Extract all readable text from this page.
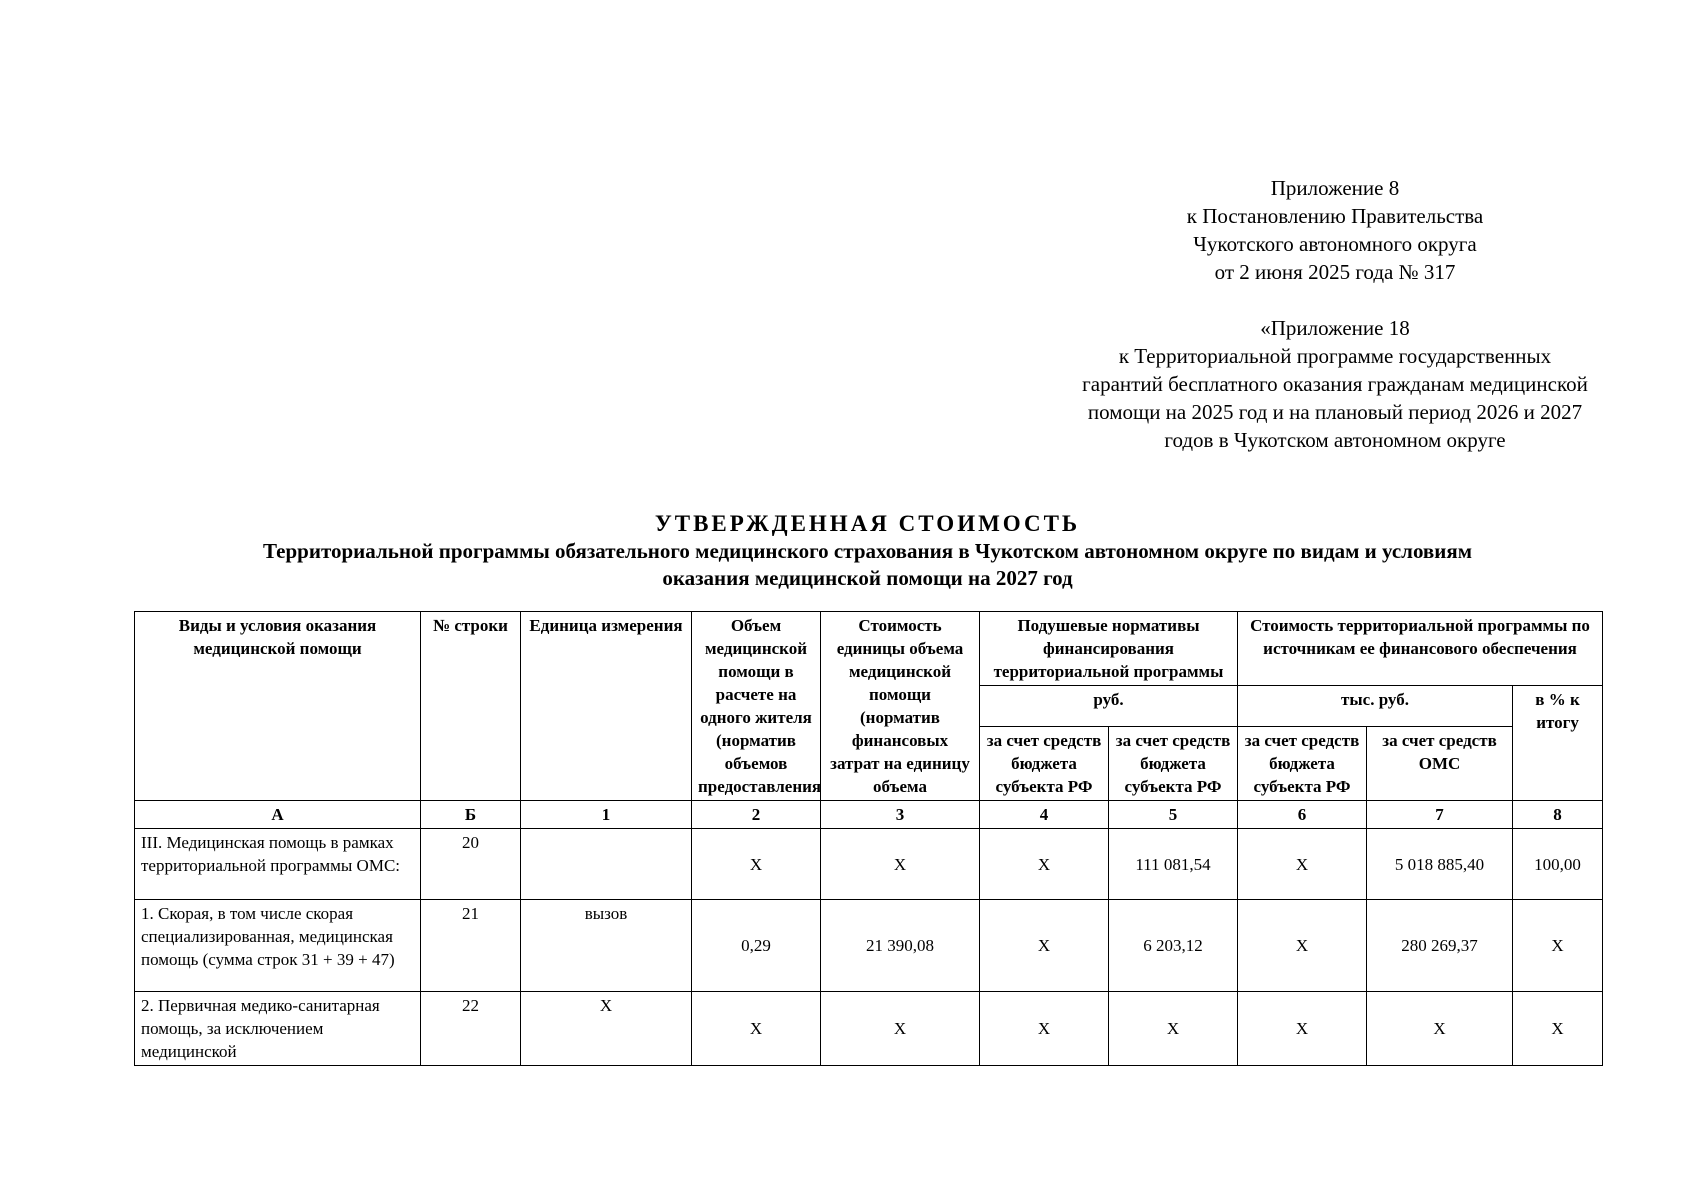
Приложение 8

к Постановлению Правительства

Чукотского автономного округа

от 2 июня 2025 года № 317

«Приложение 18

к Территориальной программе государственных

гарантий бесплатного оказания гражданам медицинской

помощи на 2025 год и на плановый период 2026 и 2027

годов в Чукотском автономном округе

УТВЕРЖДЕННАЯ СТОИМОСТЬ
Территориальной программы обязательного медицинского страхования в Чукотском автономном округе по видам и условиям
оказания медицинской помощи на 2027 год
Виды и условия оказания медицинской помощи	№ строки	Единица измерения	Объем медицинской помощи в расчете на одного жителя (норматив объемов предоставления	Стоимость единицы объема медицинской помощи (норматив финансовых затрат на единицу объема	Подушевые нормативы финансирования территориальной программы		Стоимость территориальной программы по источникам ее финансового обеспечения		
					руб.		тыс. руб.		в % к итогу
					за счет средств бюджета субъекта РФ	за счет средств бюджета субъекта РФ	за счет средств бюджета субъекта РФ	за счет средств ОМС	
А	Б	1	2	3	4	5	6	7	8
III. Медицинская помощь в рамках территориальной программы ОМС:	20		Х	Х	Х	111 081,54	Х	5 018 885,40	100,00
1. Скорая, в том числе скорая специализированная, медицинская помощь (сумма строк 31 + 39 + 47)	21	вызов	0,29	21 390,08	Х	6 203,12	Х	280 269,37	Х
2. Первичная медико-санитарная помощь, за исключением медицинской	22	Х	Х	Х	Х	Х	Х	Х	Х
